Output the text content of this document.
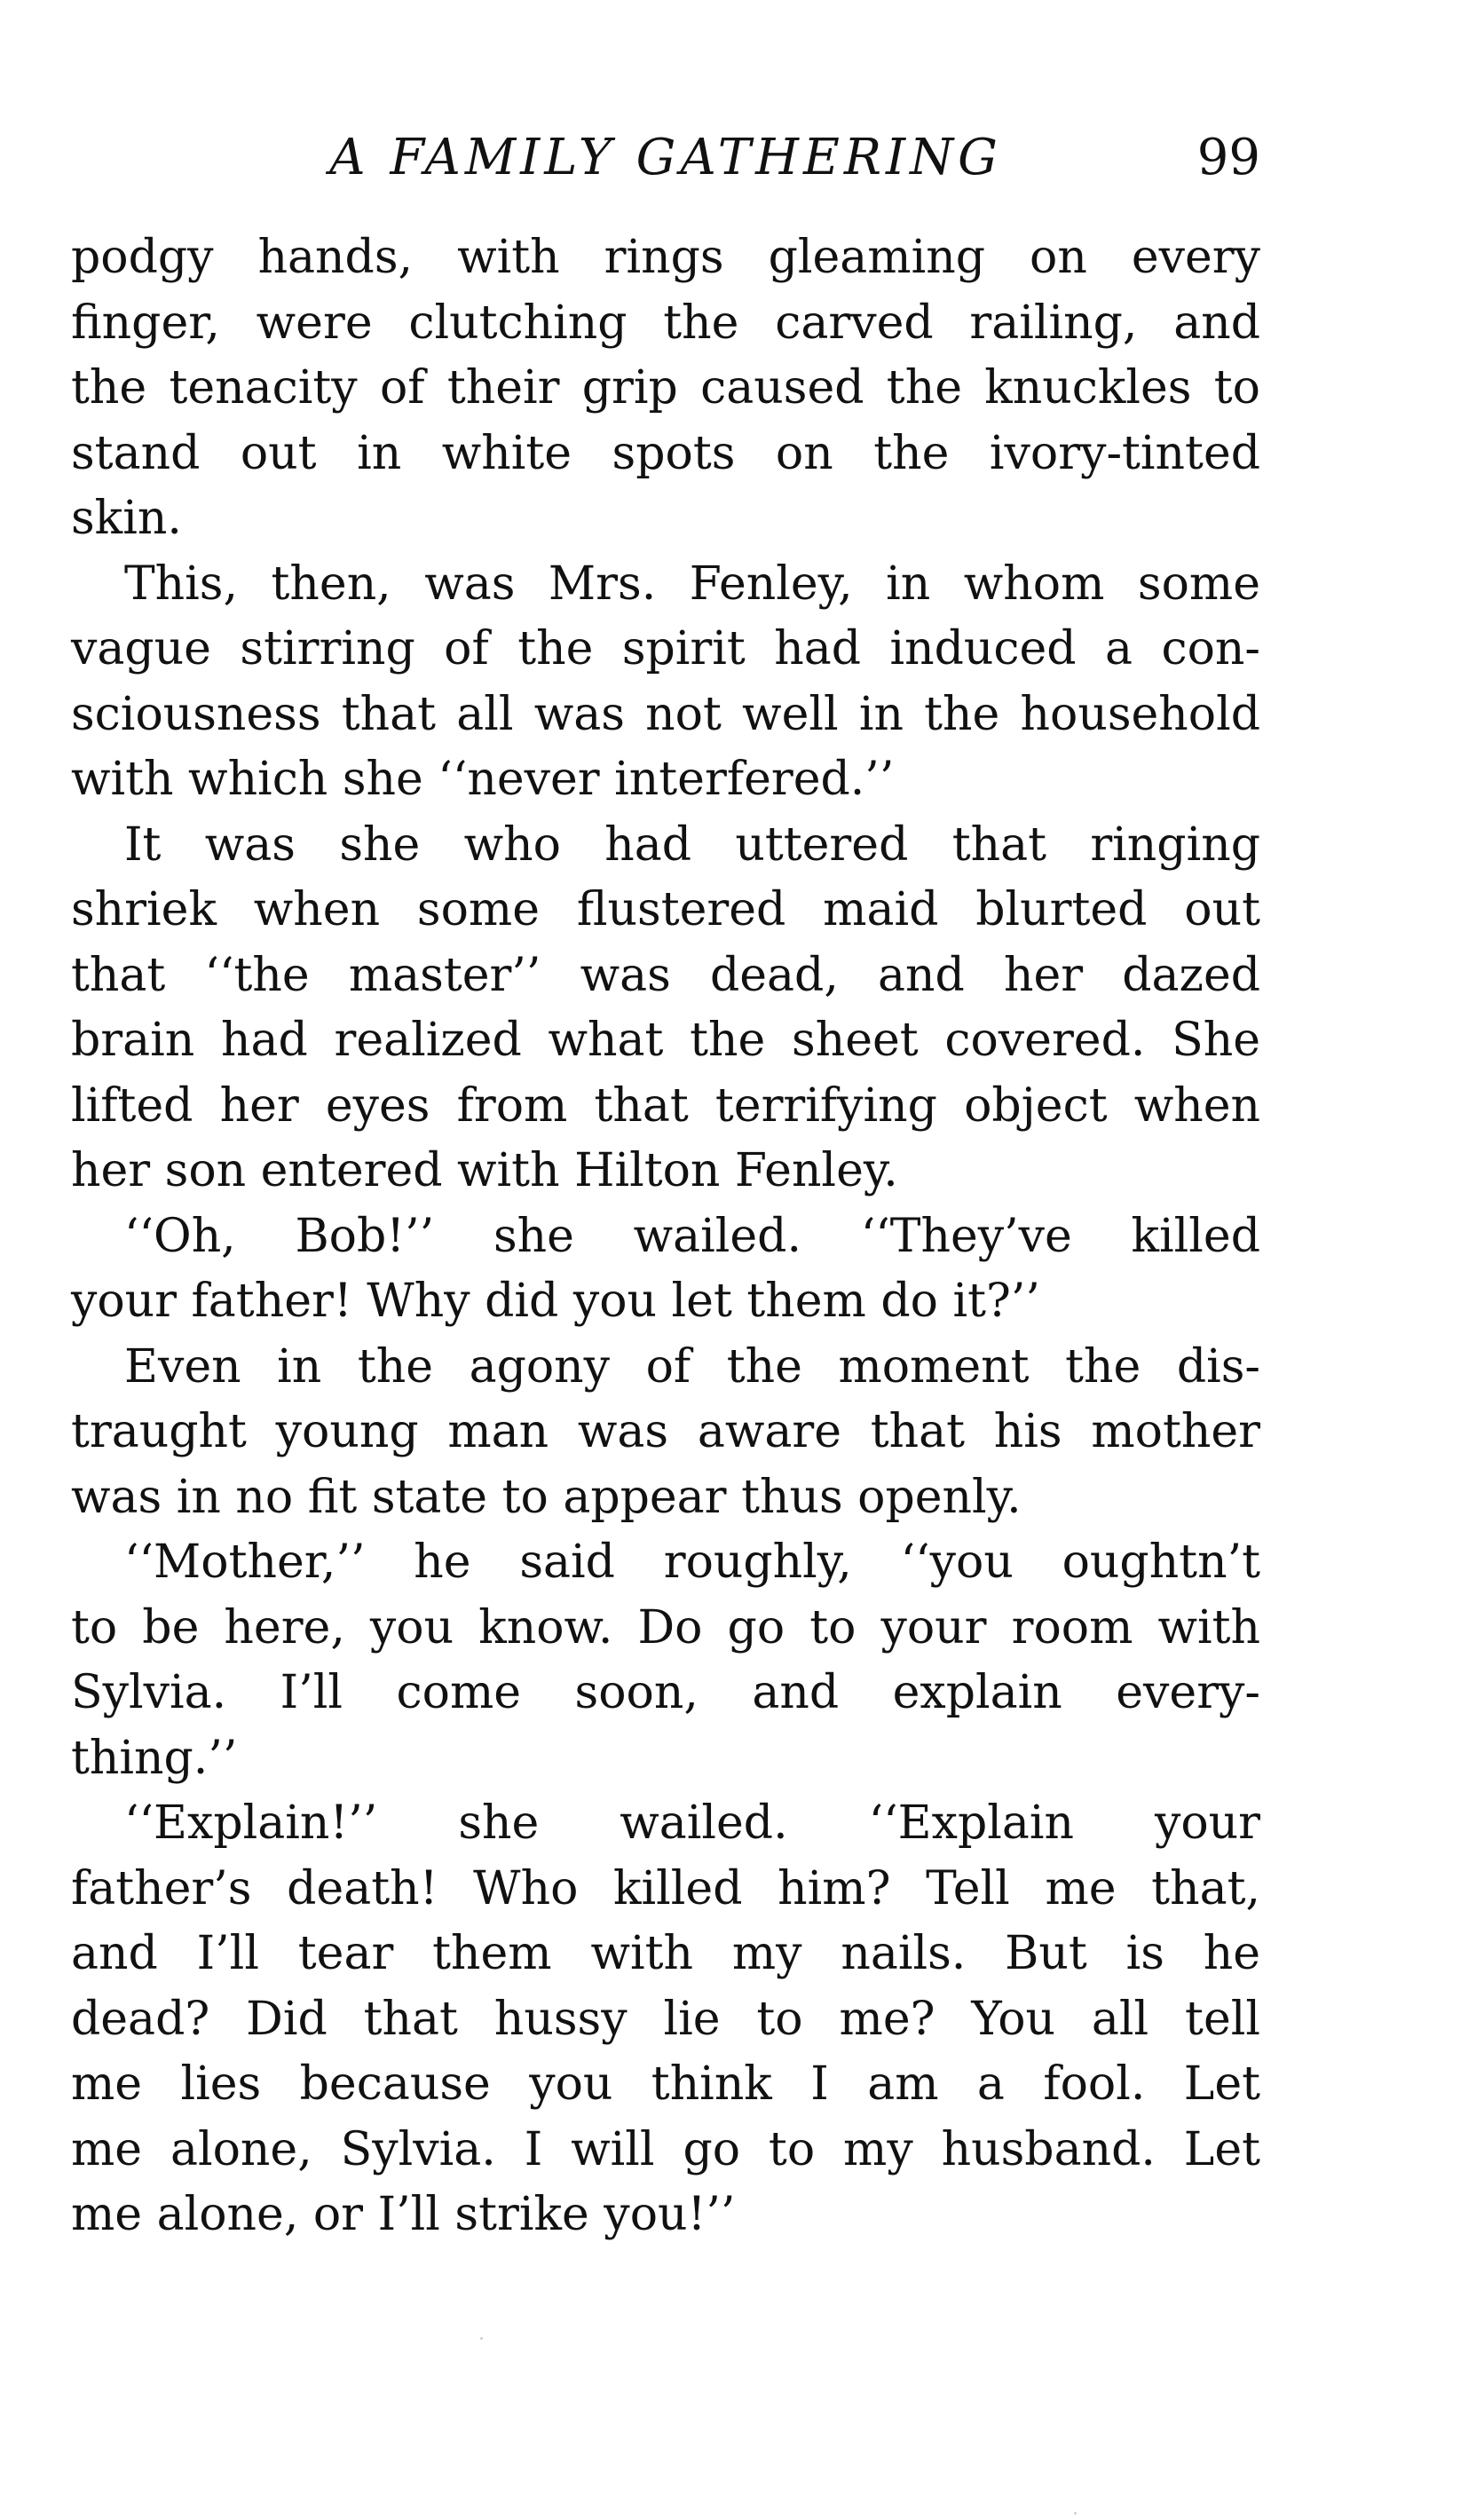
A FAMILY GATHERING	99
podgy hands, with rings gleaming on every
finger, were clutching the carved railing, and
the tenacity of their grip caused the knuckles to
stand out in white spots on the ivory-tinted
skin.
This, then, was Mrs. Fenley, in whom some
vague stirring of the spirit had induced a con-
sciousness that all was not well in the household
with which she ‘‘never interfered.’’
It was she who had uttered that ringing
shriek when some flustered maid blurted out
that ‘‘the master’’ was dead, and her dazed
brain had realized what the sheet covered. She
lifted her eyes from that terrifying object when
her son entered with Hilton Fenley.
‘‘Oh, Bob!’’ she wailed. ‘‘They’ve killed
your father! Why did you let them do it?’’
Even in the agony of the moment the dis-
traught young man was aware that his mother
was in no fit state to appear thus openly.
‘‘Mother,’’ he said roughly, ‘‘you oughtn’t
to be here, you know. Do go to your room with
Sylvia. I’ll come soon, and explain every-
thing.’’
‘‘Explain!’’ she wailed. ‘‘Explain your
father’s death! Who killed him? Tell me that,
and I’ll tear them with my nails. But is he
dead? Did that hussy lie to me? You all tell
me lies because you think I am a fool. Let
me alone, Sylvia. I will go to my husband. Let
me alone, or I’ll strike you!’’
